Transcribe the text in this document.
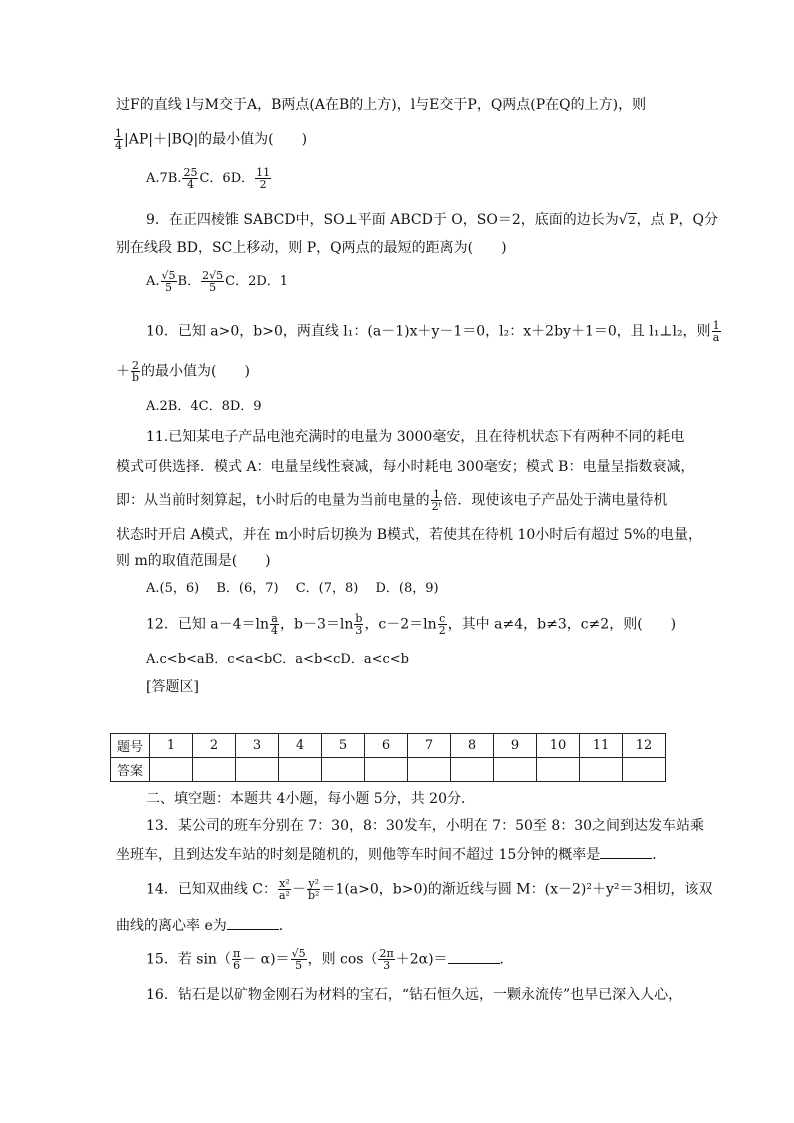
过F的直线 l与M交于A，B两点(A在B的上方)，l与E交于P，Q两点(P在Q的上方)，则
$\frac{1}{4} |AP|+|BQ|$的最小值为(　　)
A.7B. $\frac{25}{4}$ C．6D． $\frac{11}{2}$
9．在正四棱锥 SABCD中，SO⊥平面 ABCD于 O，SO＝2，底面的边长为√2，点 P，Q分
别在线段 BD，SC上移动，则 P，Q两点的最短的距离为(　　)
A. $\frac{√5}{5}$ B． $\frac{2√5}{5}$ C．2D．1
10．已知 a>0，b>0，两直线 l₁：(a－1)x＋y－1＝0，l₂：x＋2by＋1＝0，且 l₁⊥l₂，则 $\frac{1}{a}$
＋ $\frac{2}{b}$ 的最小值为(　　)
A.2B．4C．8D．9
11.已知某电子产品电池充满时的电量为 3000毫安，且在待机状态下有两种不同的耗电
模式可供选择．模式 A：电量呈线性衰减，每小时耗电 300毫安；模式 B：电量呈指数衰减，
即：从当前时刻算起，t小时后的电量为当前电量的 $\frac{1}{\text{2ᵗ}}$ 倍．现使该电子产品处于满电量待机
状态时开启 A模式，并在 m小时后切换为 B模式，若使其在待机 10小时后有超过 5%的电量，
则 m的取值范围是(　　)
A.(5，6)　 B．(6，7)　 C．(7，8)　 D．(8，9)
12．已知 $a-4=\ln \frac{a}{4}$ ，$b-3=\ln \frac{b}{3}$ ，$c-2=\ln \frac{c}{2}$ ，其中 a≠4，b≠3，c≠2，则(　　)
A.c<b<aB．c<a<bC．a<b<cD．a<c<b
[答题区]
题号	1	2	3	4	5	6	7	8	9	10	11	12
答案												
二、填空题：本题共 4小题，每小题 5分，共 20分．
13．某公司的班车分别在 7：30，8：30发车，小明在 7：50至 8：30之间到达发车站乘
坐班车，且到达发车站的时刻是随机的，则他等车时间不超过 15分钟的概率是	．
14．已知双曲线 C： $\frac{\text{x²}}{\text{a²}} - \frac{\text{y²}}{\text{b²}} =1(a>0$，b>0)的渐近线与圆 M：(x－2)²＋y²＝3相切，该双
曲线的离心率 e为	．
15．若 $\sin( \frac{\pi}{6} - \alpha)= \frac{√5}{5}$ ，则 $\cos( \frac{2\pi}{3} +2\alpha)=$	．
16．钻石是以矿物金刚石为材料的宝石，“钻石恒久远，一颗永流传”也早已深入人心，
